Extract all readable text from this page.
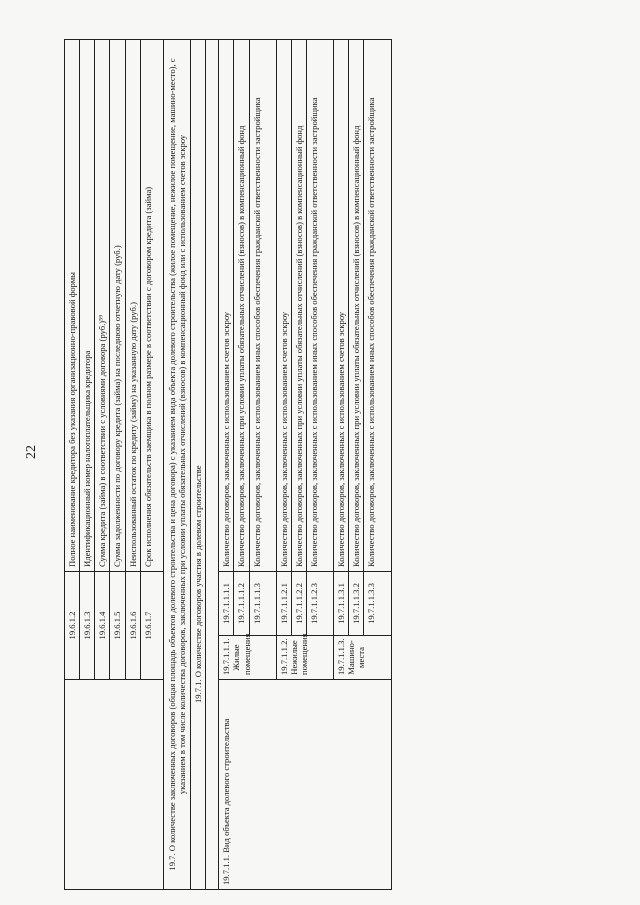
22
	19.6.1.2		Полное наименование кредитора без указания организационно-правовой формы
	19.6.1.3		Идентификационный номер налогоплательщика кредитора
	19.6.1.4		Сумма кредита (займа) в соответствии с условиями договора (руб.)⁵⁹
	19.6.1.5		Сумма задолженности по договору кредита (займа) на последнюю отчетную дату (руб.)
	19.6.1.6		Неиспользованный остаток по кредиту (займу) на указанную дату (руб.)
	19.6.1.7		Срок исполнения обязательств заемщика в полном размере в соответствии с договором кредита (займа)
19.7. О количестве заключенных договоров (общая площадь объектов долевого строительства и цена договора) с указанием вида объекта долевого строительства (жилое помещение, нежилое помещение, машино-место), с указанием в том числе количества договоров, заключенных при условии уплаты обязательных отчислений (взносов) в компенсационный фонд или с использованием счетов эскроу			
19.7.1. О количестве договоров участия в долевом строительстве			

19.7.1.1. Вид объекта долевого строительства	19.7.1.1.1. Жилые помещения	19.7.1.1.1.1	Количество договоров, заключенных с использованием счетов эскроу
		19.7.1.1.1.2	Количество договоров, заключенных при условии уплаты обязательных отчислений (взносов) в компенсационный фонд
		19.7.1.1.1.3	Количество договоров, заключенных с использованием иных способов обеспечения гражданской ответственности застройщика
	19.7.1.1.2. Нежилые помещения	19.7.1.1.2.1	Количество договоров, заключенных с использованием счетов эскроу
		19.7.1.1.2.2	Количество договоров, заключенных при условии уплаты обязательных отчислений (взносов) в компенсационный фонд
		19.7.1.1.2.3	Количество договоров, заключенных с использованием иных способов обеспечения гражданской ответственности застройщика
	19.7.1.1.3. Машино-места	19.7.1.1.3.1	Количество договоров, заключенных с использованием счетов эскроу
		19.7.1.1.3.2	Количество договоров, заключенных при условии уплаты обязательных отчислений (взносов) в компенсационный фонд
		19.7.1.1.3.3	Количество договоров, заключенных с использованием иных способов обеспечения гражданской ответственности застройщика
